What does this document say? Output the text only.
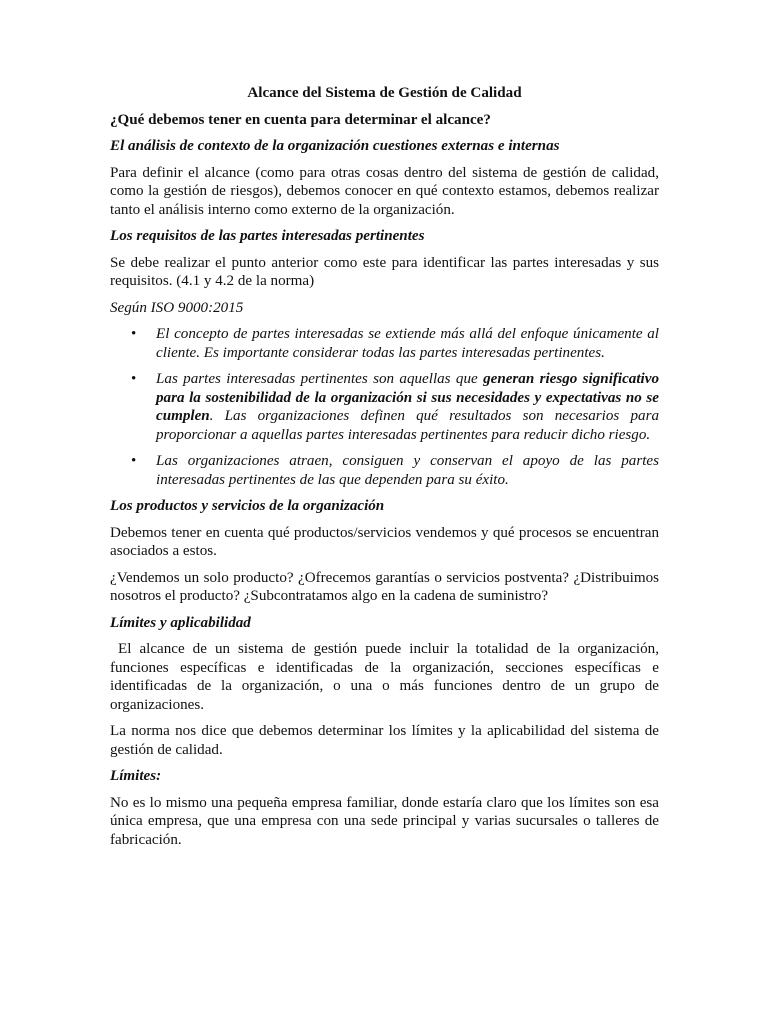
Alcance del Sistema de Gestión de Calidad
¿Qué debemos tener en cuenta para determinar el alcance?
El análisis de contexto de la organización cuestiones externas e internas

Para definir el alcance (como para otras cosas dentro del sistema de gestión de calidad, como la gestión de riesgos), debemos conocer en qué contexto estamos, debemos realizar tanto el análisis interno como externo de la organización.

Los requisitos de las partes interesadas pertinentes

Se debe realizar el punto anterior como este para identificar las partes interesadas y sus requisitos. (4.1 y 4.2 de la norma)

Según ISO 9000:2015
• El concepto de partes interesadas se extiende más allá del enfoque únicamente al cliente. Es importante considerar todas las partes interesadas pertinentes.
• Las partes interesadas pertinentes son aquellas que generan riesgo significativo para la sostenibilidad de la organización si sus necesidades y expectativas no se cumplen. Las organizaciones definen qué resultados son necesarios para proporcionar a aquellas partes interesadas pertinentes para reducir dicho riesgo.
• Las organizaciones atraen, consiguen y conservan el apoyo de las partes interesadas pertinentes de las que dependen para su éxito.
Los productos y servicios de la organización

Debemos tener en cuenta qué productos/servicios vendemos y qué procesos se encuentran asociados a estos.

¿Vendemos un solo producto? ¿Ofrecemos garantías o servicios postventa? ¿Distribuimos nosotros el producto? ¿Subcontratamos algo en la cadena de suministro?

Límites y aplicabilidad

El alcance de un sistema de gestión puede incluir la totalidad de la organización, funciones específicas e identificadas de la organización, secciones específicas e identificadas de la organización, o una o más funciones dentro de un grupo de organizaciones.

La norma nos dice que debemos determinar los límites y la aplicabilidad del sistema de gestión de calidad.

Límites:

No es lo mismo una pequeña empresa familiar, donde estaría claro que los límites son esa única empresa, que una empresa con una sede principal y varias sucursales o talleres de fabricación.
